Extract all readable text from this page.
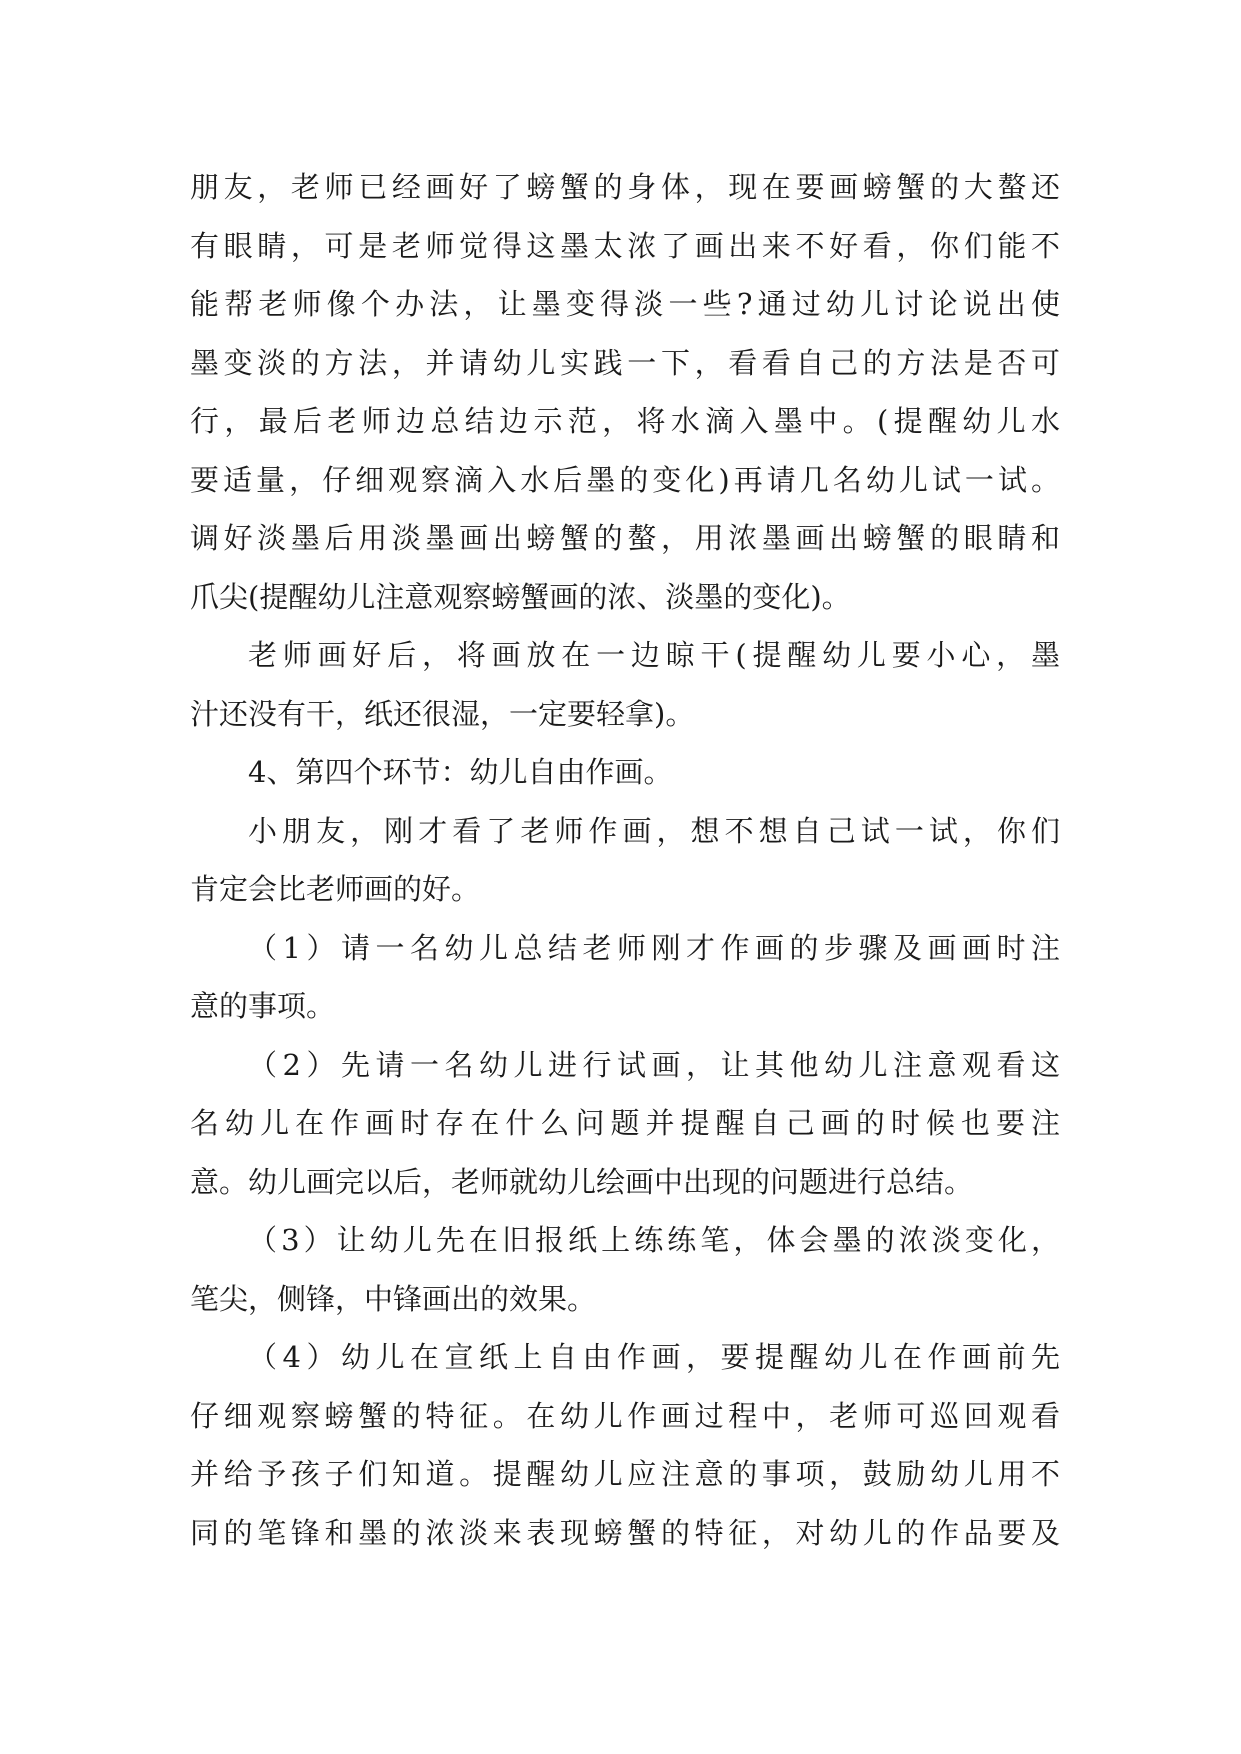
朋友，老师已经画好了螃蟹的身体，现在要画螃蟹的大螯还
有眼睛，可是老师觉得这墨太浓了画出来不好看，你们能不
能帮老师像个办法，让墨变得淡一些?通过幼儿讨论说出使
墨变淡的方法，并请幼儿实践一下，看看自己的方法是否可
行，最后老师边总结边示范，将水滴入墨中。(提醒幼儿水
要适量，仔细观察滴入水后墨的变化)再请几名幼儿试一试。
调好淡墨后用淡墨画出螃蟹的螯，用浓墨画出螃蟹的眼睛和
爪尖(提醒幼儿注意观察螃蟹画的浓、淡墨的变化)。
老师画好后，将画放在一边晾干(提醒幼儿要小心，墨
汁还没有干，纸还很湿，一定要轻拿)。
4、第四个环节：幼儿自由作画。
小朋友，刚才看了老师作画，想不想自己试一试，你们
肯定会比老师画的好。
（1）请一名幼儿总结老师刚才作画的步骤及画画时注
意的事项。
（2）先请一名幼儿进行试画，让其他幼儿注意观看这
名幼儿在作画时存在什么问题并提醒自己画的时候也要注
意。幼儿画完以后，老师就幼儿绘画中出现的问题进行总结。
（3）让幼儿先在旧报纸上练练笔，体会墨的浓淡变化，
笔尖，侧锋，中锋画出的效果。
（4）幼儿在宣纸上自由作画，要提醒幼儿在作画前先
仔细观察螃蟹的特征。在幼儿作画过程中，老师可巡回观看
并给予孩子们知道。提醒幼儿应注意的事项，鼓励幼儿用不
同的笔锋和墨的浓淡来表现螃蟹的特征，对幼儿的作品要及
